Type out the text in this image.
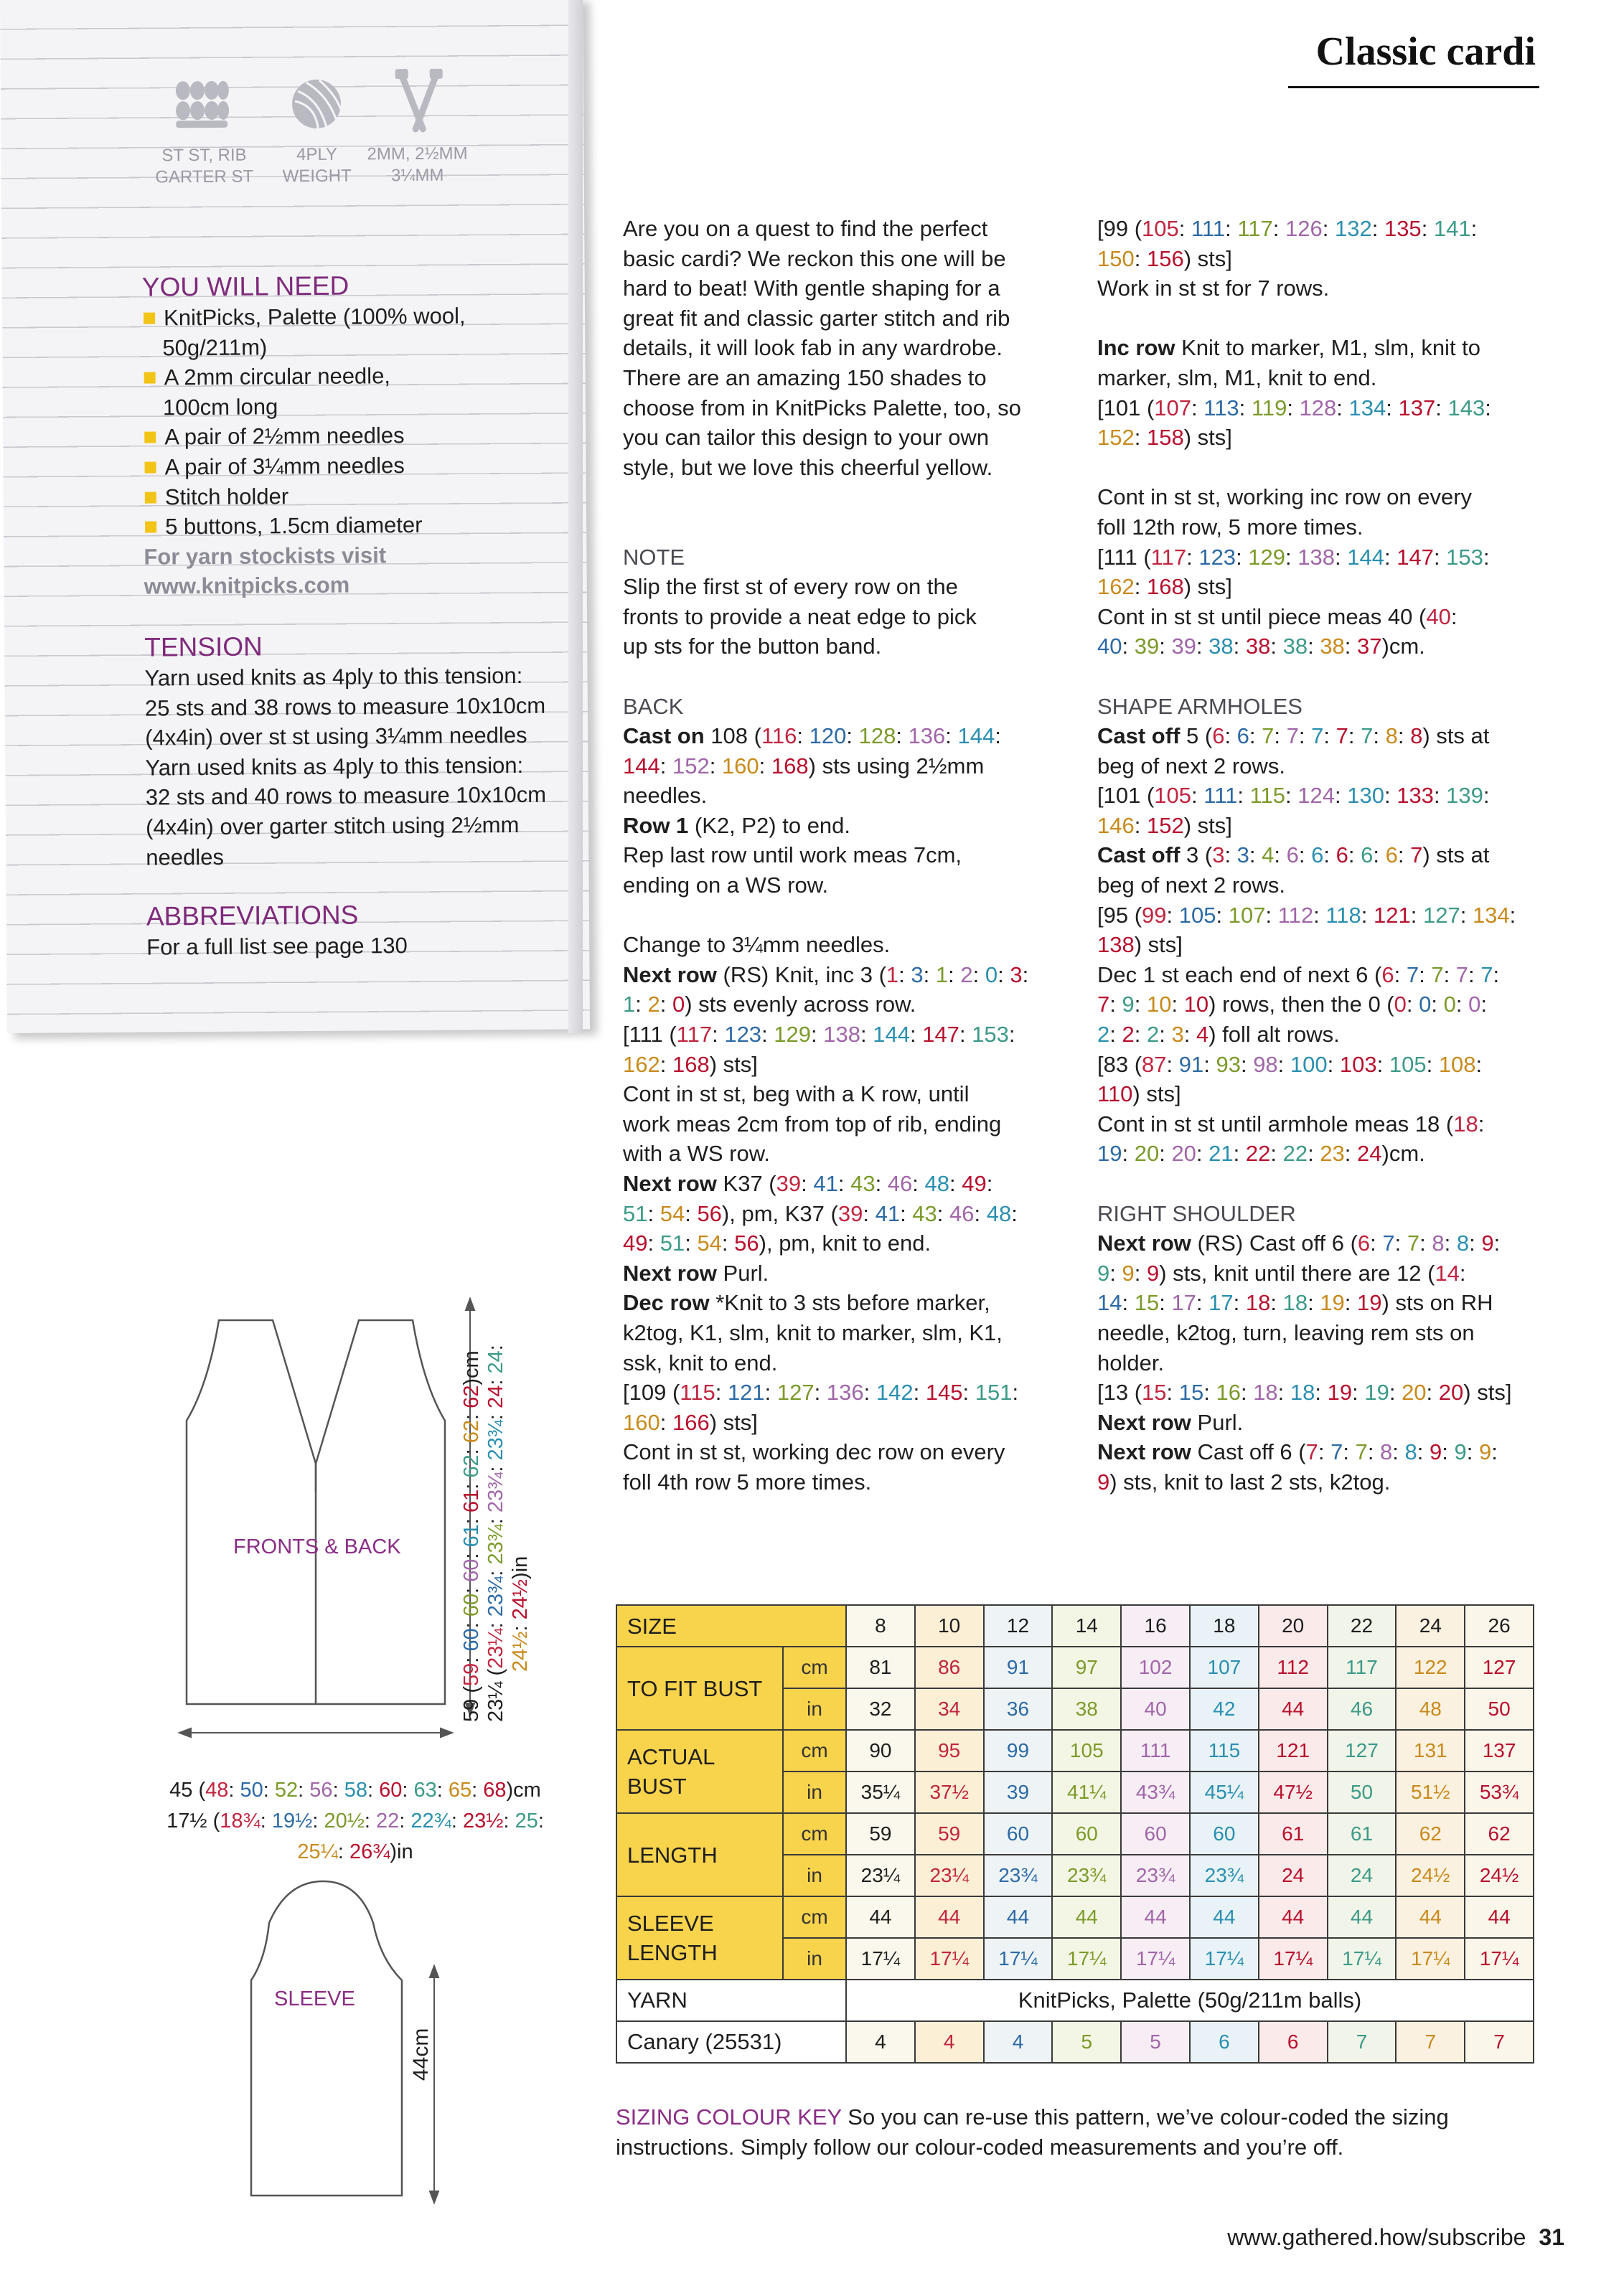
Classic cardi
ST ST, RIB
GARTER ST
4PLY
WEIGHT
2MM, 2½MM
3¼MM

YOU WILL NEED

KnitPicks, Palette (100% wool,
50g/211m)
A 2mm circular needle,
100cm long
A pair of 2½mm needles
A pair of 3¼mm needles
Stitch holder
5 buttons, 1.5cm diameter
For yarn stockists visit
www.knitpicks.com

TENSION

Yarn used knits as 4ply to this tension:
25 sts and 38 rows to measure 10x10cm
(4x4in) over st st using 3¼mm needles
Yarn used knits as 4ply to this tension:
32 sts and 40 rows to measure 10x10cm
(4x4in) over garter stitch using 2½mm
needles

ABBREVIATIONS

For a full list see page 130

Are you on a quest to find the perfect

basic cardi? We reckon this one will be

hard to beat! With gentle shaping for a

great fit and classic garter stitch and rib

details, it will look fab in any wardrobe.

There are an amazing 150 shades to

choose from in KnitPicks Palette, too, so

you can tailor this design to your own

style, but we love this cheerful yellow.

NOTE

Slip the first st of every row on the

fronts to provide a neat edge to pick

up sts for the button band.

BACK

Cast on 108 (116: 120: 128: 136: 144:

144: 152: 160: 168) sts using 2½mm

needles.

Row 1 (K2, P2) to end.

Rep last row until work meas 7cm,

ending on a WS row.

Change to 3¼mm needles.

Next row (RS) Knit, inc 3 (1: 3: 1: 2: 0: 3:

1: 2: 0) sts evenly across row.

[111 (117: 123: 129: 138: 144: 147: 153:

162: 168) sts]

Cont in st st, beg with a K row, until

work meas 2cm from top of rib, ending

with a WS row.

Next row K37 (39: 41: 43: 46: 48: 49:

51: 54: 56), pm, K37 (39: 41: 43: 46: 48:

49: 51: 54: 56), pm, knit to end.

Next row Purl.

Dec row *Knit to 3 sts before marker,

k2tog, K1, slm, knit to marker, slm, K1,

ssk, knit to end.

[109 (115: 121: 127: 136: 142: 145: 151:

160: 166) sts]

Cont in st st, working dec row on every

foll 4th row 5 more times.

[99 (105: 111: 117: 126: 132: 135: 141:

150: 156) sts]

Work in st st for 7 rows.

Inc row Knit to marker, M1, slm, knit to

marker, slm, M1, knit to end.

[101 (107: 113: 119: 128: 134: 137: 143:

152: 158) sts]

Cont in st st, working inc row on every

foll 12th row, 5 more times.

[111 (117: 123: 129: 138: 144: 147: 153:

162: 168) sts]

Cont in st st until piece meas 40 (40:

40: 39: 39: 38: 38: 38: 38: 37)cm.

SHAPE ARMHOLES

Cast off 5 (6: 6: 7: 7: 7: 7: 7: 8: 8) sts at

beg of next 2 rows.

[101 (105: 111: 115: 124: 130: 133: 139:

146: 152) sts]

Cast off 3 (3: 3: 4: 6: 6: 6: 6: 6: 7) sts at

beg of next 2 rows.

[95 (99: 105: 107: 112: 118: 121: 127: 134:

138) sts]

Dec 1 st each end of next 6 (6: 7: 7: 7: 7:

7: 9: 10: 10) rows, then the 0 (0: 0: 0: 0:

2: 2: 2: 3: 4) foll alt rows.

[83 (87: 91: 93: 98: 100: 103: 105: 108:

110) sts]

Cont in st st until armhole meas 18 (18:

19: 20: 20: 21: 22: 22: 23: 24)cm.

RIGHT SHOULDER

Next row (RS) Cast off 6 (6: 7: 7: 8: 8: 9:

9: 9: 9) sts, knit until there are 12 (14:

14: 15: 17: 17: 18: 18: 19: 19) sts on RH

needle, k2tog, turn, leaving rem sts on

holder.

[13 (15: 15: 16: 18: 18: 19: 19: 20: 20) sts]

Next row Purl.

Next row Cast off 6 (7: 7: 7: 8: 8: 9: 9: 9:

9) sts, knit to last 2 sts, k2tog.

FRONTS & BACK
59 (59: 60: 60: 60: 61: 61: 62: 62: 62)cm
23¼ (23¼: 23¾: 23¾: 23¾: 23¾: 24: 24:
24½: 24½)in
45 (48: 50: 52: 56: 58: 60: 63: 65: 68)cm
17½ (18¾: 19½: 20½: 22: 22¾: 23½: 25:
25¼: 26¾)in
SLEEVE
44cm
SIZE		8	10	12	14	16	18	20	22	24	26
TO FIT BUST	cm	81	86	91	97	102	107	112	117	122	127
	in	32	34	36	38	40	42	44	46	48	50

ACTUAL
BUST	cm	90	95	99	105	111	115	121	127	131	137
	in	35¼	37½	39	41¼	43¾	45¼	47½	50	51½	53¾
LENGTH	cm	59	59	60	60	60	60	61	61	62	62
	in	23¼	23¼	23¾	23¾	23¾	23¾	24	24	24½	24½

SLEEVE
LENGTH	cm	44	44	44	44	44	44	44	44	44	44
	in	17¼	17¼	17¼	17¼	17¼	17¼	17¼	17¼	17¼	17¼
YARN		KnitPicks, Palette (50g/211m balls)									
Canary (25531)		4	4	4	5	5	6	6	7	7	7
SIZING COLOUR KEY So you can re-use this pattern, we’ve colour-coded the sizing
instructions. Simply follow our colour-coded measurements and you’re off.
www.gathered.how/subscribe 31
